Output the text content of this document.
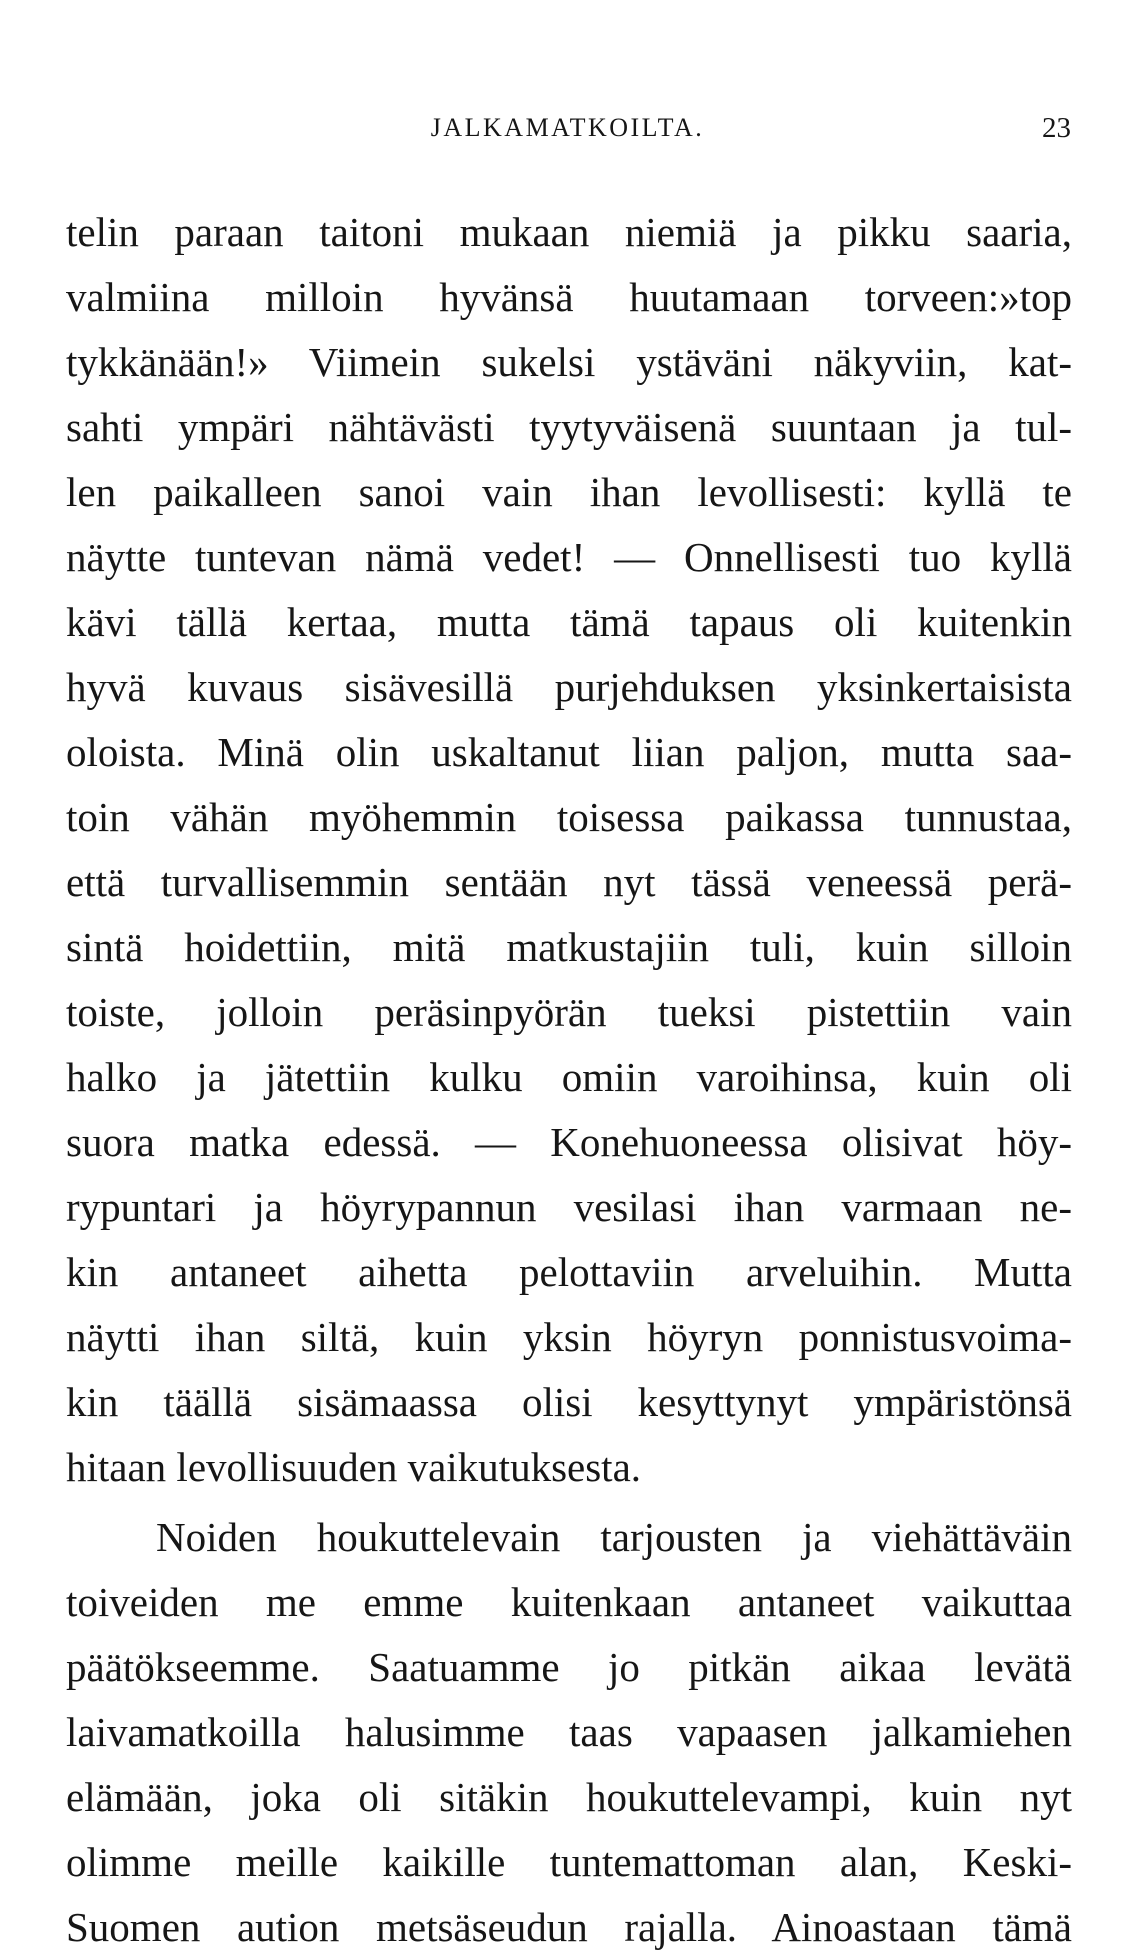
JALKAMATKOILTA.	23
telin paraan taitoni mukaan niemiä ja pikku saaria,
valmiina milloin hyvänsä huutamaan torveen:»top
tykkänään!» Viimein sukelsi ystäväni näkyviin, kat-
sahti ympäri nähtävästi tyytyväisenä suuntaan ja tul-
len paikalleen sanoi vain ihan levollisesti: kyllä te
näytte tuntevan nämä vedet! — Onnellisesti tuo kyllä
kävi tällä kertaa, mutta tämä tapaus oli kuitenkin
hyvä kuvaus sisävesillä purjehduksen yksinkertaisista
oloista. Minä olin uskaltanut liian paljon, mutta saa-
toin vähän myöhemmin toisessa paikassa tunnustaa,
että turvallisemmin sentään nyt tässä veneessä perä-
sintä hoidettiin, mitä matkustajiin tuli, kuin silloin
toiste, jolloin peräsinpyörän tueksi pistettiin vain
halko ja jätettiin kulku omiin varoihinsa, kuin oli
suora matka edessä. — Konehuoneessa olisivat höy-
rypuntari ja höyrypannun vesilasi ihan varmaan ne-
kin antaneet aihetta pelottaviin arveluihin. Mutta
näytti ihan siltä, kuin yksin höyryn ponnistusvoima-
kin täällä sisämaassa olisi kesyttynyt ympäristönsä
hitaan levollisuuden vaikutuksesta.
Noiden houkuttelevain tarjousten ja viehättäväin
toiveiden me emme kuitenkaan antaneet vaikuttaa
päätökseemme. Saatuamme jo pitkän aikaa levätä
laivamatkoilla halusimme taas vapaasen jalkamiehen
elämään, joka oli sitäkin houkuttelevampi, kuin nyt
olimme meille kaikille tuntemattoman alan, Keski-
Suomen aution metsäseudun rajalla. Ainoastaan tämä
